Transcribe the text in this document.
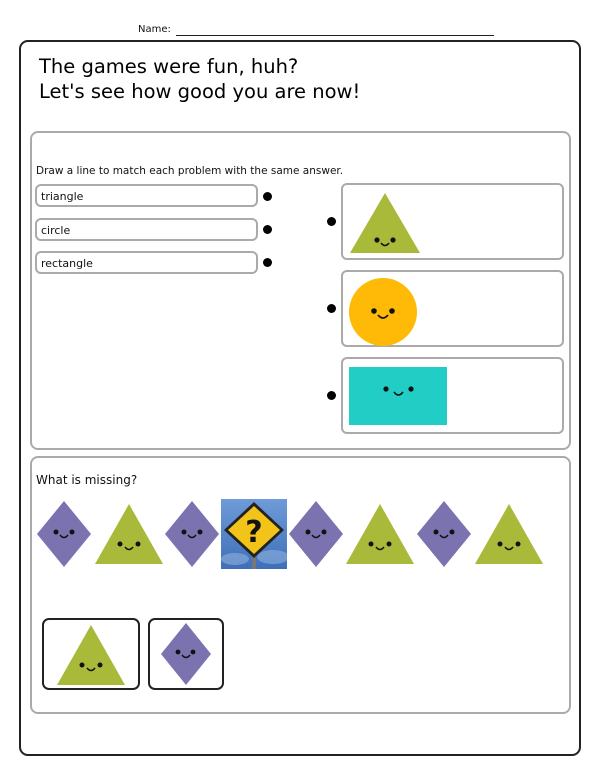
Name:
The games were fun, huh?
Let's see how good you are now!
Draw a line to match each problem with the same answer.
triangle
circle
rectangle
What is missing?
?
